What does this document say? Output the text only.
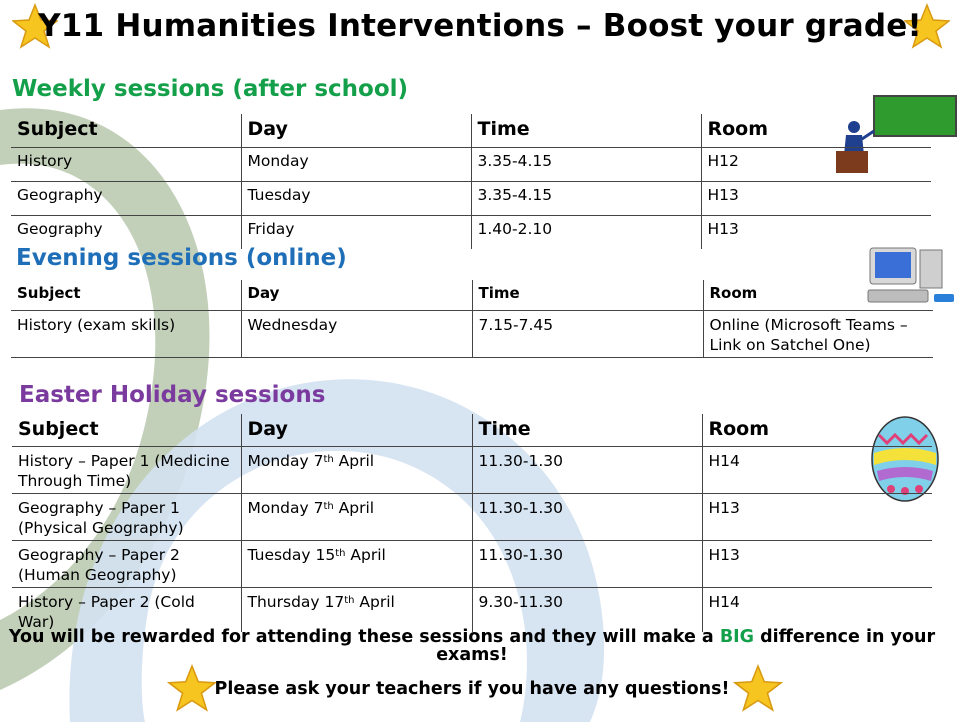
Y11 Humanities Interventions – Boost your grade!
Weekly sessions (after school)
Subject	Day	Time	Room
History	Monday	3.35-4.15	H12
Geography	Tuesday	3.35-4.15	H13
Geography	Friday	1.40-2.10	H13
Evening sessions (online)
Subject	Day	Time	Room
History (exam skills)	Wednesday	7.15-7.45	Online (Microsoft Teams – Link on Satchel One)
Easter Holiday sessions
Subject	Day	Time	Room
History – Paper 1 (Medicine Through Time)	Monday 7th April	11.30-1.30	H14
Geography – Paper 1 (Physical Geography)	Monday 7th April	11.30-1.30	H13
Geography – Paper 2 (Human Geography)	Tuesday 15th April	11.30-1.30	H13
History – Paper 2 (Cold War)	Thursday 17th April	9.30-11.30	H14
You will be rewarded for attending these sessions and they will make a BIG difference in your exams!
Please ask your teachers if you have any questions!
